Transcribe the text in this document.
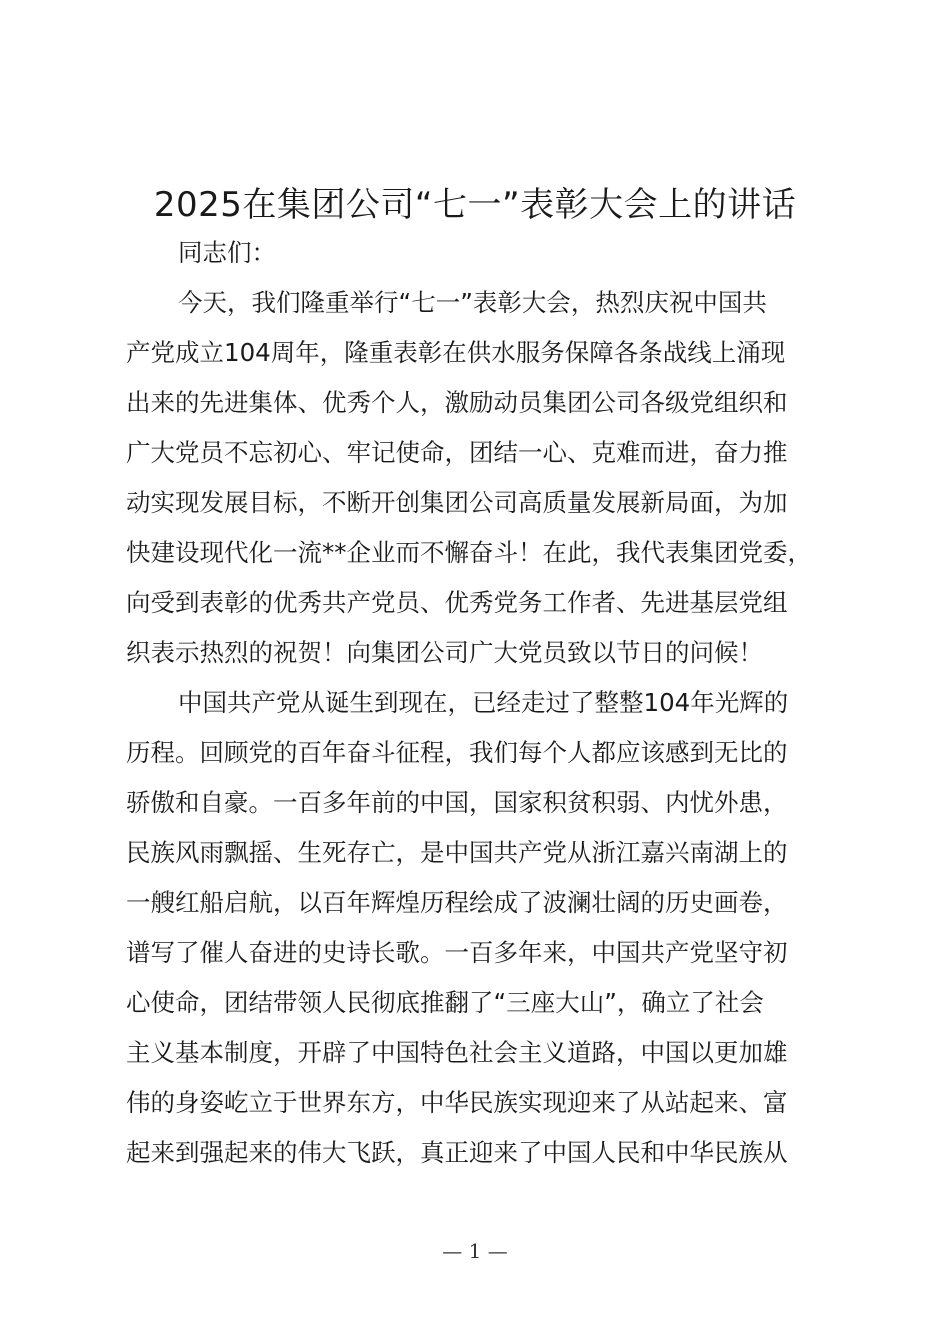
2025在集团公司“七一”表彰大会上的讲话
同志们：
今天，我们隆重举行“七一”表彰大会，热烈庆祝中国共
产党成立104周年，隆重表彰在供水服务保障各条战线上涌现
出来的先进集体、优秀个人，激励动员集团公司各级党组织和
广大党员不忘初心、牢记使命，团结一心、克难而进，奋力推
动实现发展目标，不断开创集团公司高质量发展新局面，为加
快建设现代化一流**企业而不懈奋斗！在此，我代表集团党委，
向受到表彰的优秀共产党员、优秀党务工作者、先进基层党组
织表示热烈的祝贺！向集团公司广大党员致以节日的问候！
中国共产党从诞生到现在，已经走过了整整104年光辉的
历程。回顾党的百年奋斗征程，我们每个人都应该感到无比的
骄傲和自豪。一百多年前的中国，国家积贫积弱、内忧外患，
民族风雨飘摇、生死存亡，是中国共产党从浙江嘉兴南湖上的
一艘红船启航，以百年辉煌历程绘成了波澜壮阔的历史画卷，
谱写了催人奋进的史诗长歌。一百多年来，中国共产党坚守初
心使命，团结带领人民彻底推翻了“三座大山”，确立了社会
主义基本制度，开辟了中国特色社会主义道路，中国以更加雄
伟的身姿屹立于世界东方，中华民族实现迎来了从站起来、富
起来到强起来的伟大飞跃，真正迎来了中国人民和中华民族从
— 1 —
